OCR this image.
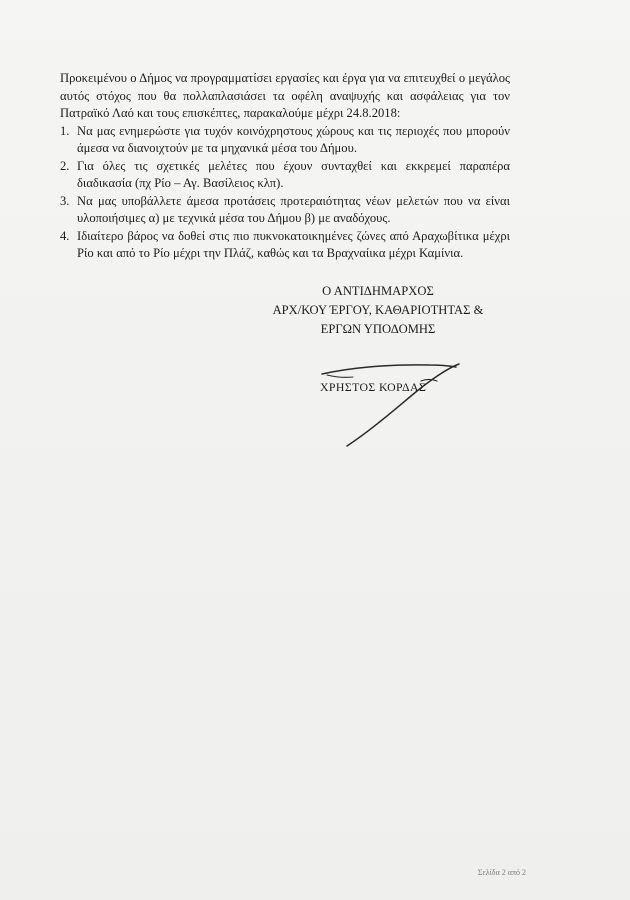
Προκειμένου ο Δήμος να προγραμματίσει εργασίες και έργα για να επιτευχθεί ο μεγάλος αυτός στόχος που θα πολλαπλασιάσει τα οφέλη αναψυχής και ασφάλειας για τον Πατραϊκό Λαό και τους επισκέπτες, παρακαλούμε μέχρι 24.8.2018:

1. Να μας ενημερώστε για τυχόν κοινόχρηστους χώρους και τις περιοχές που μπορούν άμεσα να διανοιχτούν με τα μηχανικά μέσα του Δήμου.
2. Για όλες τις σχετικές μελέτες που έχουν συνταχθεί και εκκρεμεί παραπέρα διαδικασία (πχ Ρίο – Αγ. Βασίλειος κλπ).
3. Να μας υποβάλλετε άμεσα προτάσεις προτεραιότητας νέων μελετών που να είναι υλοποιήσιμες α) με τεχνικά μέσα του Δήμου β) με αναδόχους.
4. Ιδιαίτερο βάρος να δοθεί στις πιο πυκνοκατοικημένες ζώνες από Αραχωβίτικα μέχρι Ρίο και από το Ρίο μέχρι την Πλάζ, καθώς και τα Βραχναίικα μέχρι Καμίνια.
Ο ΑΝΤΙΔΗΜΑΡΧΟΣ
ΑΡΧ/ΚΟΥ ΈΡΓΟΥ, ΚΑΘΑΡΙΟΤΗΤΑΣ &
ΕΡΓΩΝ ΥΠΟΔΟΜΗΣ
ΧΡΗΣΤΟΣ ΚΟΡΔΑΣ
Σελίδα 2 από 2
